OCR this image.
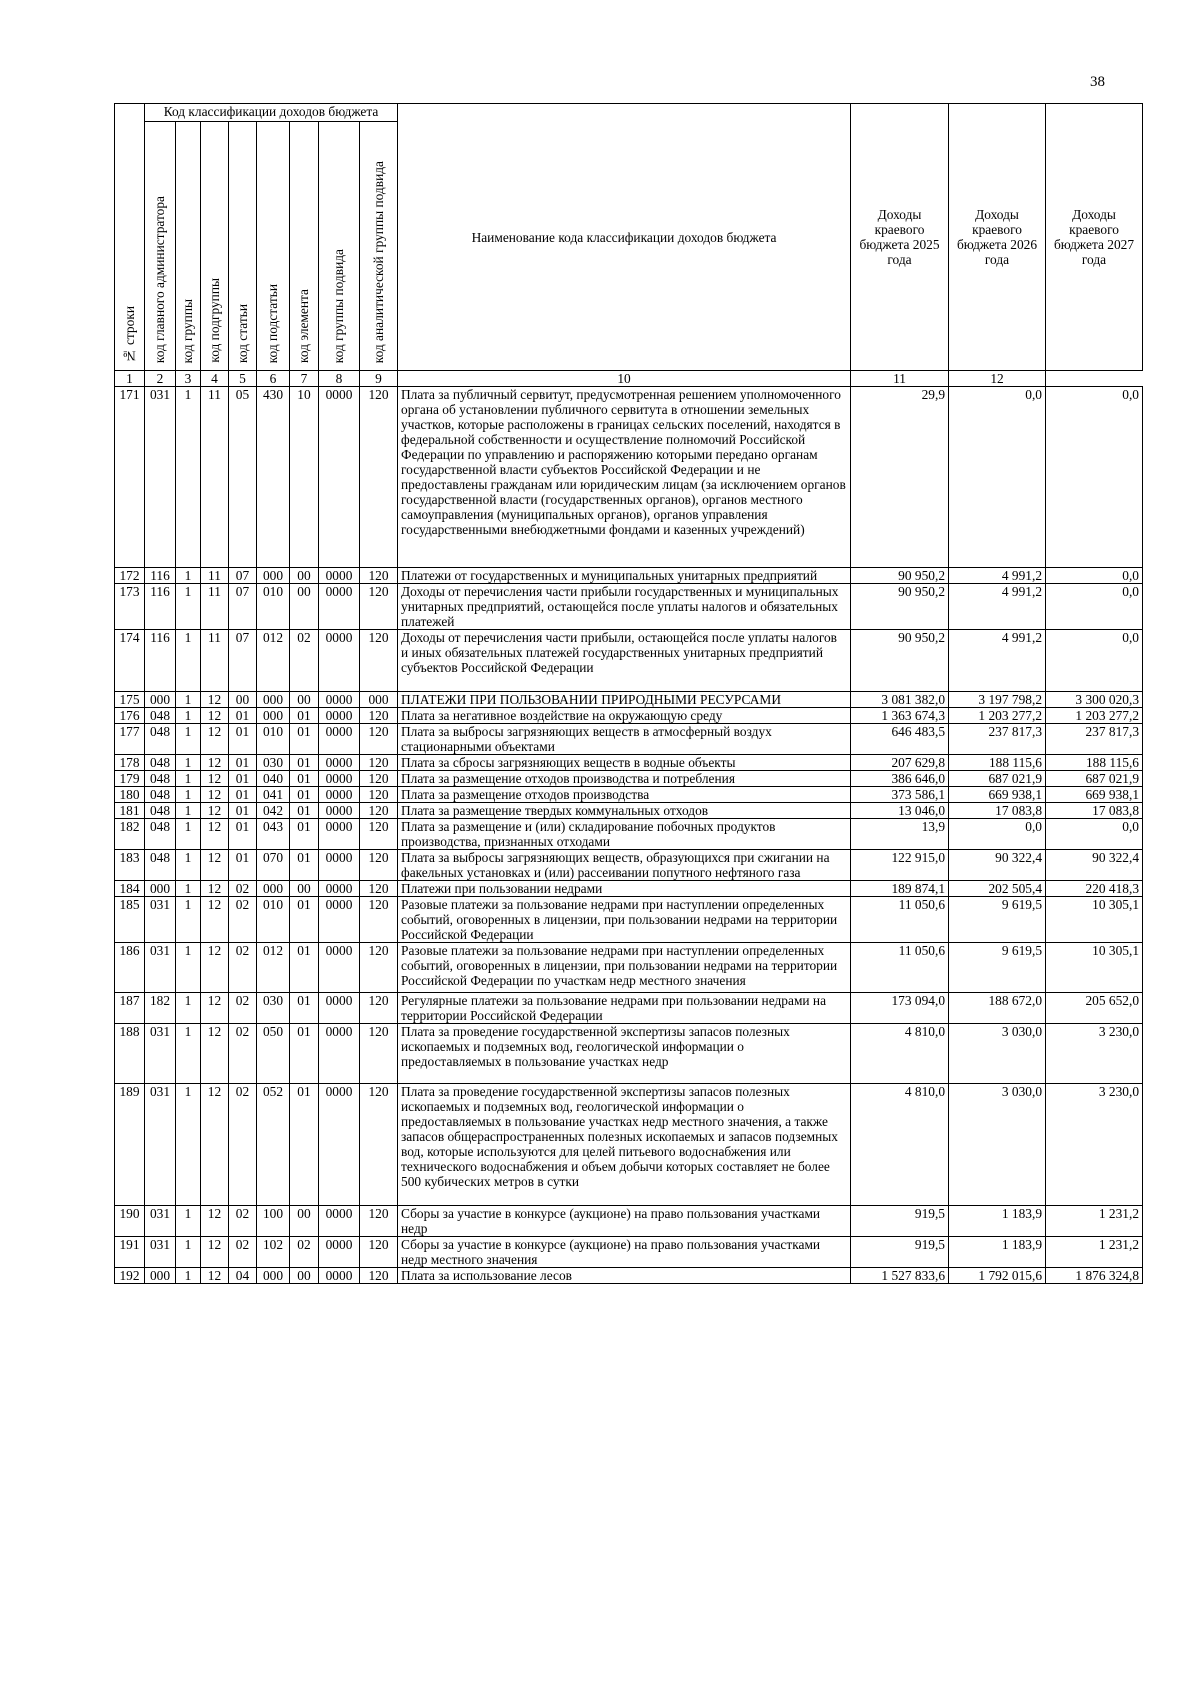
38
№ строки	Код классификации доходов бюджета								Наименование кода классификации доходов бюджета	Доходы краевого бюджета 2025 года	Доходы краевого бюджета 2026 года	Доходы краевого бюджета 2027 года
	код главного администратора	код группы	код подгруппы	код статьи	код подстатьи	код элемента	код группы подвида	код аналитической группы подвида				
1	2	3	4	5	6	7	8	9	10	11	12	
171	031	1	11	05	430	10	0000	120	Плата за публичный сервитут, предусмотренная решением уполномоченного органа об установлении публичного сервитута в отношении земельных участков, которые расположены в границах сельских поселений, находятся в федеральной собственности и осуществление полномочий Российской Федерации по управлению и распоряжению которыми передано органам государственной власти субъектов Российской Федерации и не предоставлены гражданам или юридическим лицам (за исключением органов государственной власти (государственных органов), органов местного самоуправления (муниципальных органов), органов управления государственными внебюджетными фондами и казенных учреждений)	29,9	0,0	0,0
172	116	1	11	07	000	00	0000	120	Платежи от государственных и муниципальных унитарных предприятий	90 950,2	4 991,2	0,0
173	116	1	11	07	010	00	0000	120	Доходы от перечисления части прибыли государственных и муниципальных унитарных предприятий, остающейся после уплаты налогов и обязательных платежей	90 950,2	4 991,2	0,0
174	116	1	11	07	012	02	0000	120	Доходы от перечисления части прибыли, остающейся после уплаты налогов и иных обязательных платежей государственных унитарных предприятий субъектов Российской Федерации	90 950,2	4 991,2	0,0
175	000	1	12	00	000	00	0000	000	ПЛАТЕЖИ ПРИ ПОЛЬЗОВАНИИ ПРИРОДНЫМИ РЕСУРСАМИ	3 081 382,0	3 197 798,2	3 300 020,3
176	048	1	12	01	000	01	0000	120	Плата за негативное воздействие на окружающую среду	1 363 674,3	1 203 277,2	1 203 277,2
177	048	1	12	01	010	01	0000	120	Плата за выбросы загрязняющих веществ в атмосферный воздух стационарными объектами	646 483,5	237 817,3	237 817,3
178	048	1	12	01	030	01	0000	120	Плата за сбросы загрязняющих веществ в водные объекты	207 629,8	188 115,6	188 115,6
179	048	1	12	01	040	01	0000	120	Плата за размещение отходов производства и потребления	386 646,0	687 021,9	687 021,9
180	048	1	12	01	041	01	0000	120	Плата за размещение отходов производства	373 586,1	669 938,1	669 938,1
181	048	1	12	01	042	01	0000	120	Плата за размещение твердых коммунальных отходов	13 046,0	17 083,8	17 083,8
182	048	1	12	01	043	01	0000	120	Плата за размещение и (или) складирование побочных продуктов производства, признанных отходами	13,9	0,0	0,0
183	048	1	12	01	070	01	0000	120	Плата за выбросы загрязняющих веществ, образующихся при сжигании на факельных установках и (или) рассеивании попутного нефтяного газа	122 915,0	90 322,4	90 322,4
184	000	1	12	02	000	00	0000	120	Платежи при пользовании недрами	189 874,1	202 505,4	220 418,3
185	031	1	12	02	010	01	0000	120	Разовые платежи за пользование недрами при наступлении определенных событий, оговоренных в лицензии, при пользовании недрами на территории Российской Федерации	11 050,6	9 619,5	10 305,1
186	031	1	12	02	012	01	0000	120	Разовые платежи за пользование недрами при наступлении определенных событий, оговоренных в лицензии, при пользовании недрами на территории Российской Федерации по участкам недр местного значения	11 050,6	9 619,5	10 305,1
187	182	1	12	02	030	01	0000	120	Регулярные платежи за пользование недрами при пользовании недрами на территории Российской Федерации	173 094,0	188 672,0	205 652,0
188	031	1	12	02	050	01	0000	120	Плата за проведение государственной экспертизы запасов полезных ископаемых и подземных вод, геологической информации о предоставляемых в пользование участках недр	4 810,0	3 030,0	3 230,0
189	031	1	12	02	052	01	0000	120	Плата за проведение государственной экспертизы запасов полезных ископаемых и подземных вод, геологической информации о предоставляемых в пользование участках недр местного значения, а также запасов общераспространенных полезных ископаемых и запасов подземных вод, которые используются для целей питьевого водоснабжения или технического водоснабжения и объем добычи которых составляет не более 500 кубических метров в сутки	4 810,0	3 030,0	3 230,0
190	031	1	12	02	100	00	0000	120	Сборы за участие в конкурсе (аукционе) на право пользования участками недр	919,5	1 183,9	1 231,2
191	031	1	12	02	102	02	0000	120	Сборы за участие в конкурсе (аукционе) на право пользования участками недр местного значения	919,5	1 183,9	1 231,2
192	000	1	12	04	000	00	0000	120	Плата за использование лесов	1 527 833,6	1 792 015,6	1 876 324,8
